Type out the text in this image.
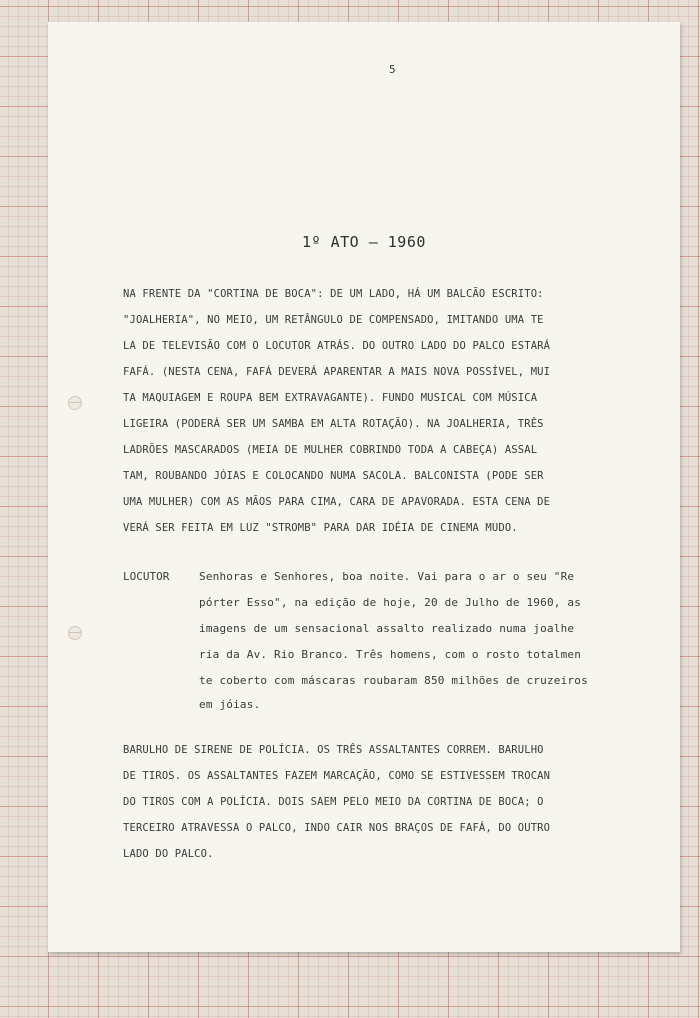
5
1º ATO — 1960
NA FRENTE DA "CORTINA DE BOCA": DE UM LADO, HÁ UM BALCÃO ESCRITO:
"JOALHERIA", NO MEIO, UM RETÂNGULO DE COMPENSADO, IMITANDO UMA TE
LA DE TELEVISÃO COM O LOCUTOR ATRÁS. DO OUTRO LADO DO PALCO ESTARÁ
FAFÁ. (NESTA CENA, FAFÁ DEVERÁ APARENTAR A MAIS NOVA POSSÍVEL, MUI
TA MAQUIAGEM E ROUPA BEM EXTRAVAGANTE). FUNDO MUSICAL COM MÚSICA
LIGEIRA (PODERÁ SER UM SAMBA EM ALTA ROTAÇÃO). NA JOALHERIA, TRÊS
LADRÕES MASCARADOS (MEIA DE MULHER COBRINDO TODA A CABEÇA) ASSAL
TAM, ROUBANDO JÓIAS E COLOCANDO NUMA SACOLA. BALCONISTA (PODE SER
UMA MULHER) COM AS MÃOS PARA CIMA, CARA DE APAVORADA. ESTA CENA DE
VERÁ SER FEITA EM LUZ "STROMB" PARA DAR IDÉIA DE CINEMA MUDO.
LOCUTOR	Senhoras e Senhores, boa noite. Vai para o ar o seu "Re
pórter Esso", na edição de hoje, 20 de Julho de 1960, as
imagens de um sensacional assalto realizado numa joalhe
ria da Av. Rio Branco. Três homens, com o rosto totalmen
te coberto com máscaras roubaram 850 milhões de cruzeiros
em jóias.
BARULHO DE SIRENE DE POLÍCIA. OS TRÊS ASSALTANTES CORREM. BARULHO
DE TIROS. OS ASSALTANTES FAZEM MARCAÇÃO, COMO SE ESTIVESSEM TROCAN
DO TIROS COM A POLÍCIA. DOIS SAEM PELO MEIO DA CORTINA DE BOCA; O
TERCEIRO ATRAVESSA O PALCO, INDO CAIR NOS BRAÇOS DE FAFÁ, DO OUTRO
LADO DO PALCO.
